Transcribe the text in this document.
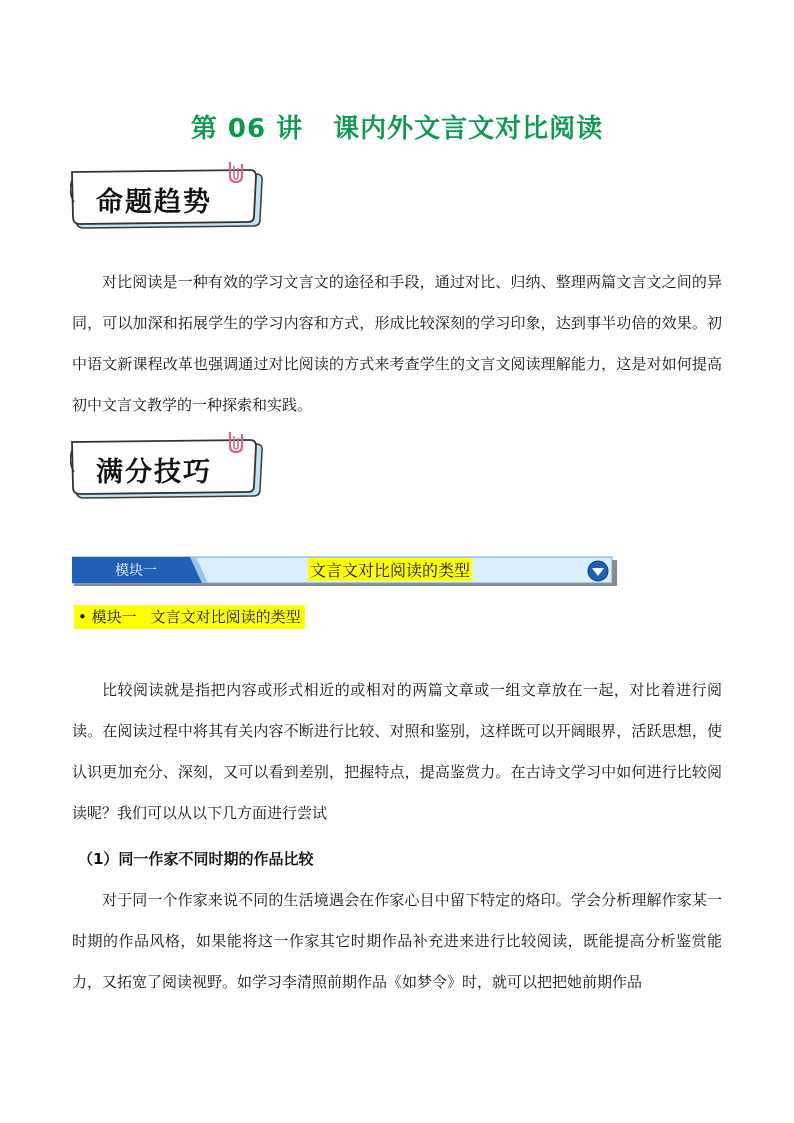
第 06 讲 课内外文言文对比阅读
命题趋势

对比阅读是一种有效的学习文言文的途径和手段，通过对比、归纳、整理两篇文言文之间的异同，可以加深和拓展学生的学习内容和方式，形成比较深刻的学习印象，达到事半功倍的效果。初中语文新课程改革也强调通过对比阅读的方式来考查学生的文言文阅读理解能力，这是对如何提高初中文言文教学的一种探索和实践。

满分技巧
模块一	文言文对比阅读的类型
• 模块一 文言文对比阅读的类型

比较阅读就是指把内容或形式相近的或相对的两篇文章或一组文章放在一起，对比着进行阅读。在阅读过程中将其有关内容不断进行比较、对照和鉴别，这样既可以开阔眼界，活跃思想，使认识更加充分、深刻，又可以看到差别，把握特点，提高鉴赏力。在古诗文学习中如何进行比较阅读呢？我们可以从以下几方面进行尝试

（1）同一作家不同时期的作品比较

对于同一个作家来说不同的生活境遇会在作家心目中留下特定的烙印。学会分析理解作家某一时期的作品风格，如果能将这一作家其它时期作品补充进来进行比较阅读，既能提高分析鉴赏能力，又拓宽了阅读视野。如学习李清照前期作品《如梦令》时，就可以把把她前期作品
